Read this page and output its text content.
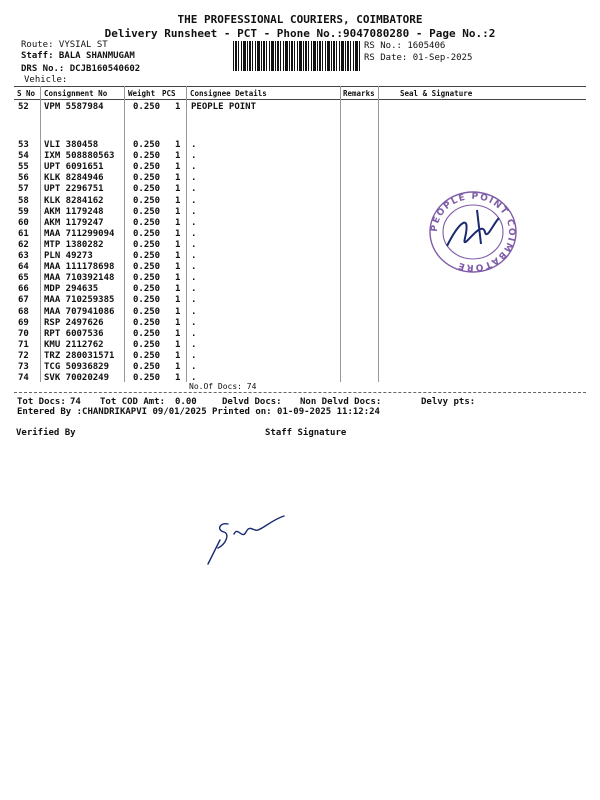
THE PROFESSIONAL COURIERS, COIMBATORE
Delivery Runsheet - PCT - Phone No.:9047080280 - Page No.:2
Route: VYSIAL ST
Staff: BALA SHANMUGAM
DRS No.: DCJB160540602
Vehicle:
RS No.: 1605406
RS Date: 01-Sep-2025
S No Consignment No	Weight PCS Consignee Details	Remarks	Seal & Signature
52 VPM 5587984	0.250 1 PEOPLE POINT
53 VLI 380458	0.250 1 .
54 IXM 508880563 0.250 1 .
55 UPT 6091651	0.250 1 .
56 KLK 8284946	0.250 1 .
57 UPT 2296751	0.250 1 .
58 KLK 8284162	0.250 1 .
59 AKM 1179248	0.250 1 .
60 AKM 1179247	0.250 1 .
61 MAA 711299094 0.250 1 .
62 MTP 1380282	0.250 1 .
63 PLN 49273	0.250 1 .
64 MAA 111178698 0.250 1 .
65 MAA 710392148 0.250 1 .
66 MDP 294635	0.250 1 .
67 MAA 710259385 0.250 1 .
68 MAA 707941086 0.250 1 .
69 RSP 2497626	0.250 1 .
70 RPT 6007536	0.250 1 .
71 KMU 2112762	0.250 1 .
72 TRZ 280031571 0.250 1 .
73 TCG 50936829	0.250 1 .
74 SVK 70020249	0.250 1 .
No.Of Docs: 74
PEOPLE POINT COIMBATORE
Tot Docs: 74 Tot COD Amt: 0.00	Delvd Docs: Non Delvd Docs:	Delvy pts:
Entered By :CHANDRIKAPVI 09/01/2025 Printed on: 01-09-2025 11:12:24
Verified By	Staff Signature
